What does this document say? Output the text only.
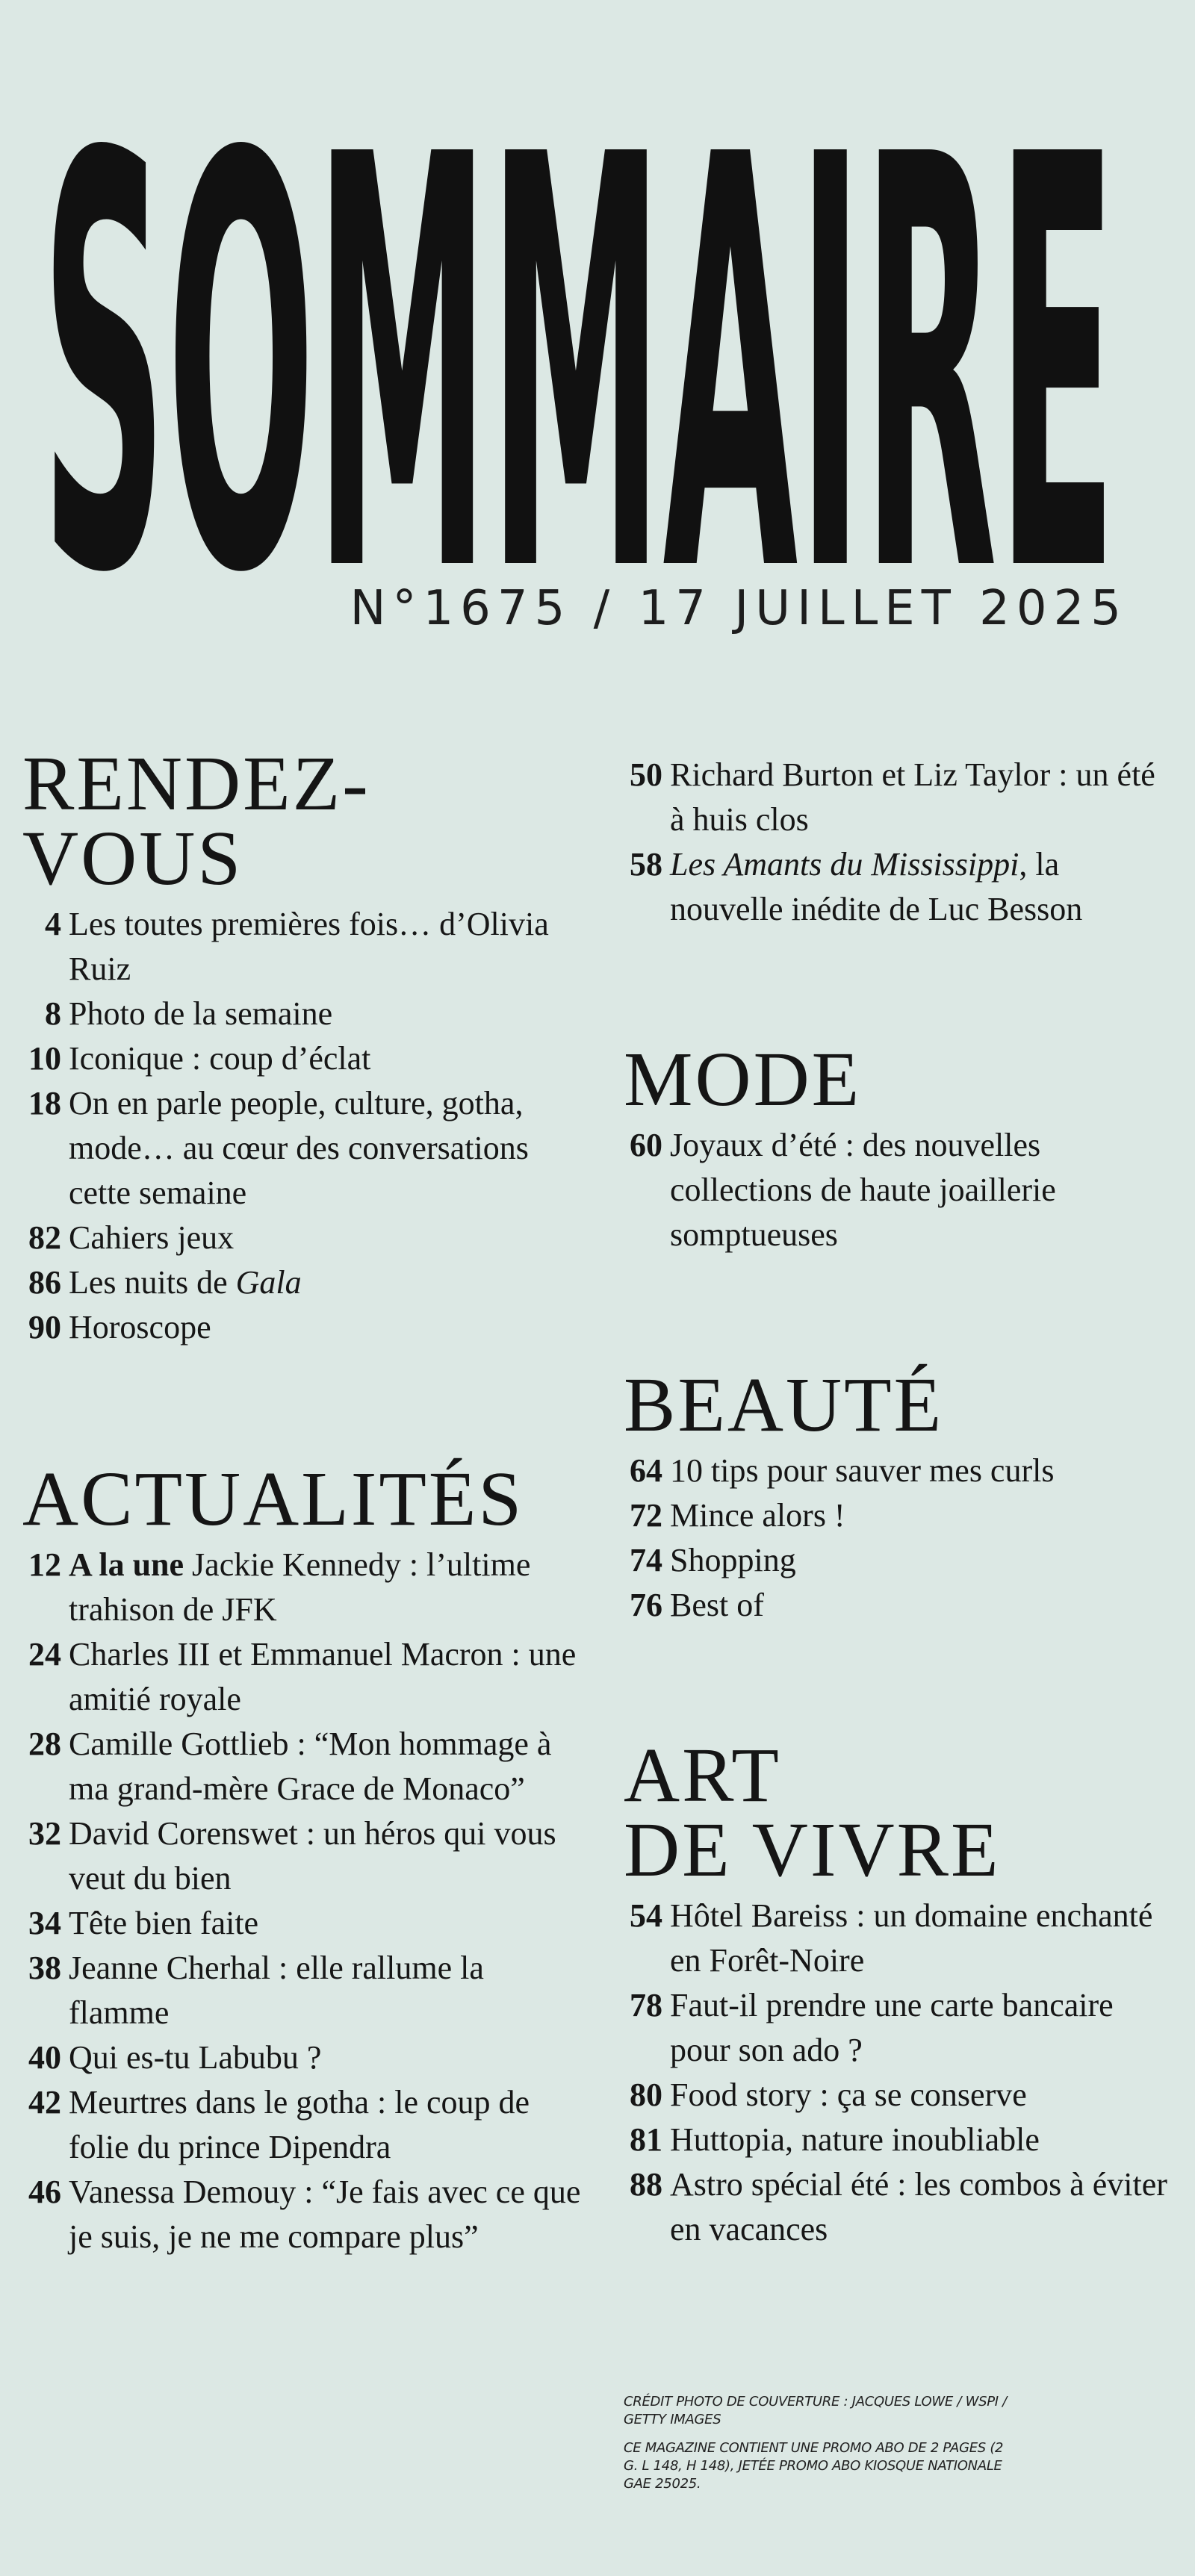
SOMMAIRE
N°1675 / 17 JUILLET 2025
RENDEZ-
VOUS
4 Les toutes premières fois… d’Olivia Ruiz
8 Photo de la semaine
10 Iconique : coup d’éclat
18 On en parle people, culture, gotha, mode… au cœur des conversations cette semaine
82 Cahiers jeux
86 Les nuits de Gala
90 Horoscope
ACTUALITÉS
12 A la une Jackie Kennedy : l’ultime trahison de JFK
24 Charles III et Emmanuel Macron : une amitié royale
28 Camille Gottlieb : “Mon hommage à ma grand-mère Grace de Monaco”
32 David Corenswet : un héros qui vous veut du bien
34 Tête bien faite
38 Jeanne Cherhal : elle rallume la flamme
40 Qui es-tu Labubu ?
42 Meurtres dans le gotha : le coup de folie du prince Dipendra
46 Vanessa Demouy : “Je fais avec ce que je suis, je ne me compare plus”
50 Richard Burton et Liz Taylor : un été à huis clos
58 Les Amants du Mississippi, la nouvelle inédite de Luc Besson
MODE
60 Joyaux d’été : des nouvelles collections de haute joaillerie somptueuses
BEAUTÉ
64 10 tips pour sauver mes curls
72 Mince alors !
74 Shopping
76 Best of
ART
DE VIVRE
54 Hôtel Bareiss : un domaine enchanté en Forêt-Noire
78 Faut-il prendre une carte bancaire pour son ado ?
80 Food story : ça se conserve
81 Huttopia, nature inoubliable
88 Astro spécial été : les combos à éviter en vacances

CRÉDIT PHOTO DE COUVERTURE : JACQUES LOWE / WSPI / GETTY IMAGES

CE MAGAZINE CONTIENT UNE PROMO ABO DE 2 PAGES (2 G. L 148, H 148), JETÉE PROMO ABO KIOSQUE NATIONALE GAE 25025.
